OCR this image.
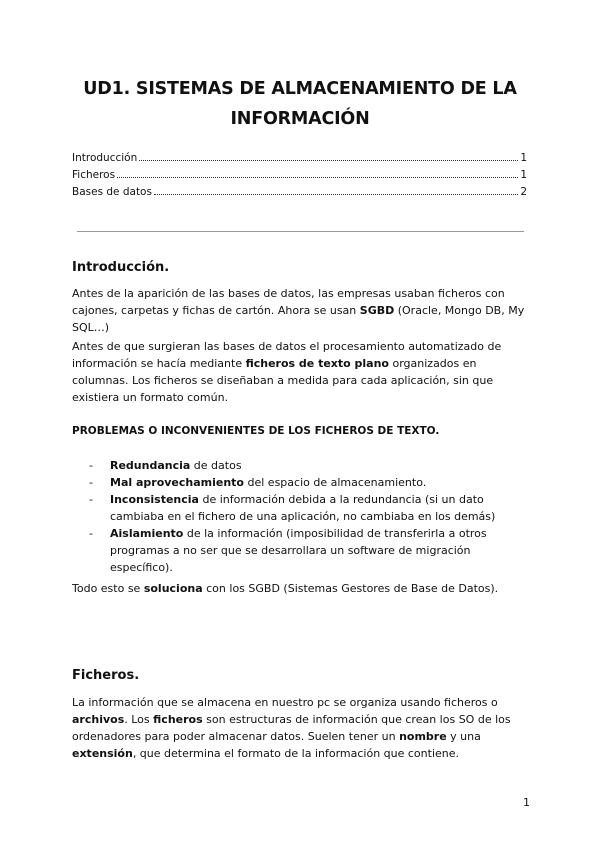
UD1. SISTEMAS DE ALMACENAMIENTO DE LA
INFORMACIÓN
Introducción	1
Ficheros	1
Bases de datos	2
Introducción.
Antes de la aparición de las bases de datos, las empresas usaban ficheros con cajones, carpetas y fichas de cartón. Ahora se usan SGBD (Oracle, Mongo DB, My SQL…)
Antes de que surgieran las bases de datos el procesamiento automatizado de información se hacía mediante ficheros de texto plano organizados en columnas. Los ficheros se diseñaban a medida para cada aplicación, sin que existiera un formato común.
PROBLEMAS O INCONVENIENTES DE LOS FICHEROS DE TEXTO.
- Redundancia de datos
- Mal aprovechamiento del espacio de almacenamiento.
- Inconsistencia de información debida a la redundancia (si un dato cambiaba en el fichero de una aplicación, no cambiaba en los demás)
- Aislamiento de la información (imposibilidad de transferirla a otros programas a no ser que se desarrollara un software de migración específico).
Todo esto se soluciona con los SGBD (Sistemas Gestores de Base de Datos).
Ficheros.
La información que se almacena en nuestro pc se organiza usando ficheros o archivos. Los ficheros son estructuras de información que crean los SO de los ordenadores para poder almacenar datos. Suelen tener un nombre y una extensión, que determina el formato de la información que contiene.
1
